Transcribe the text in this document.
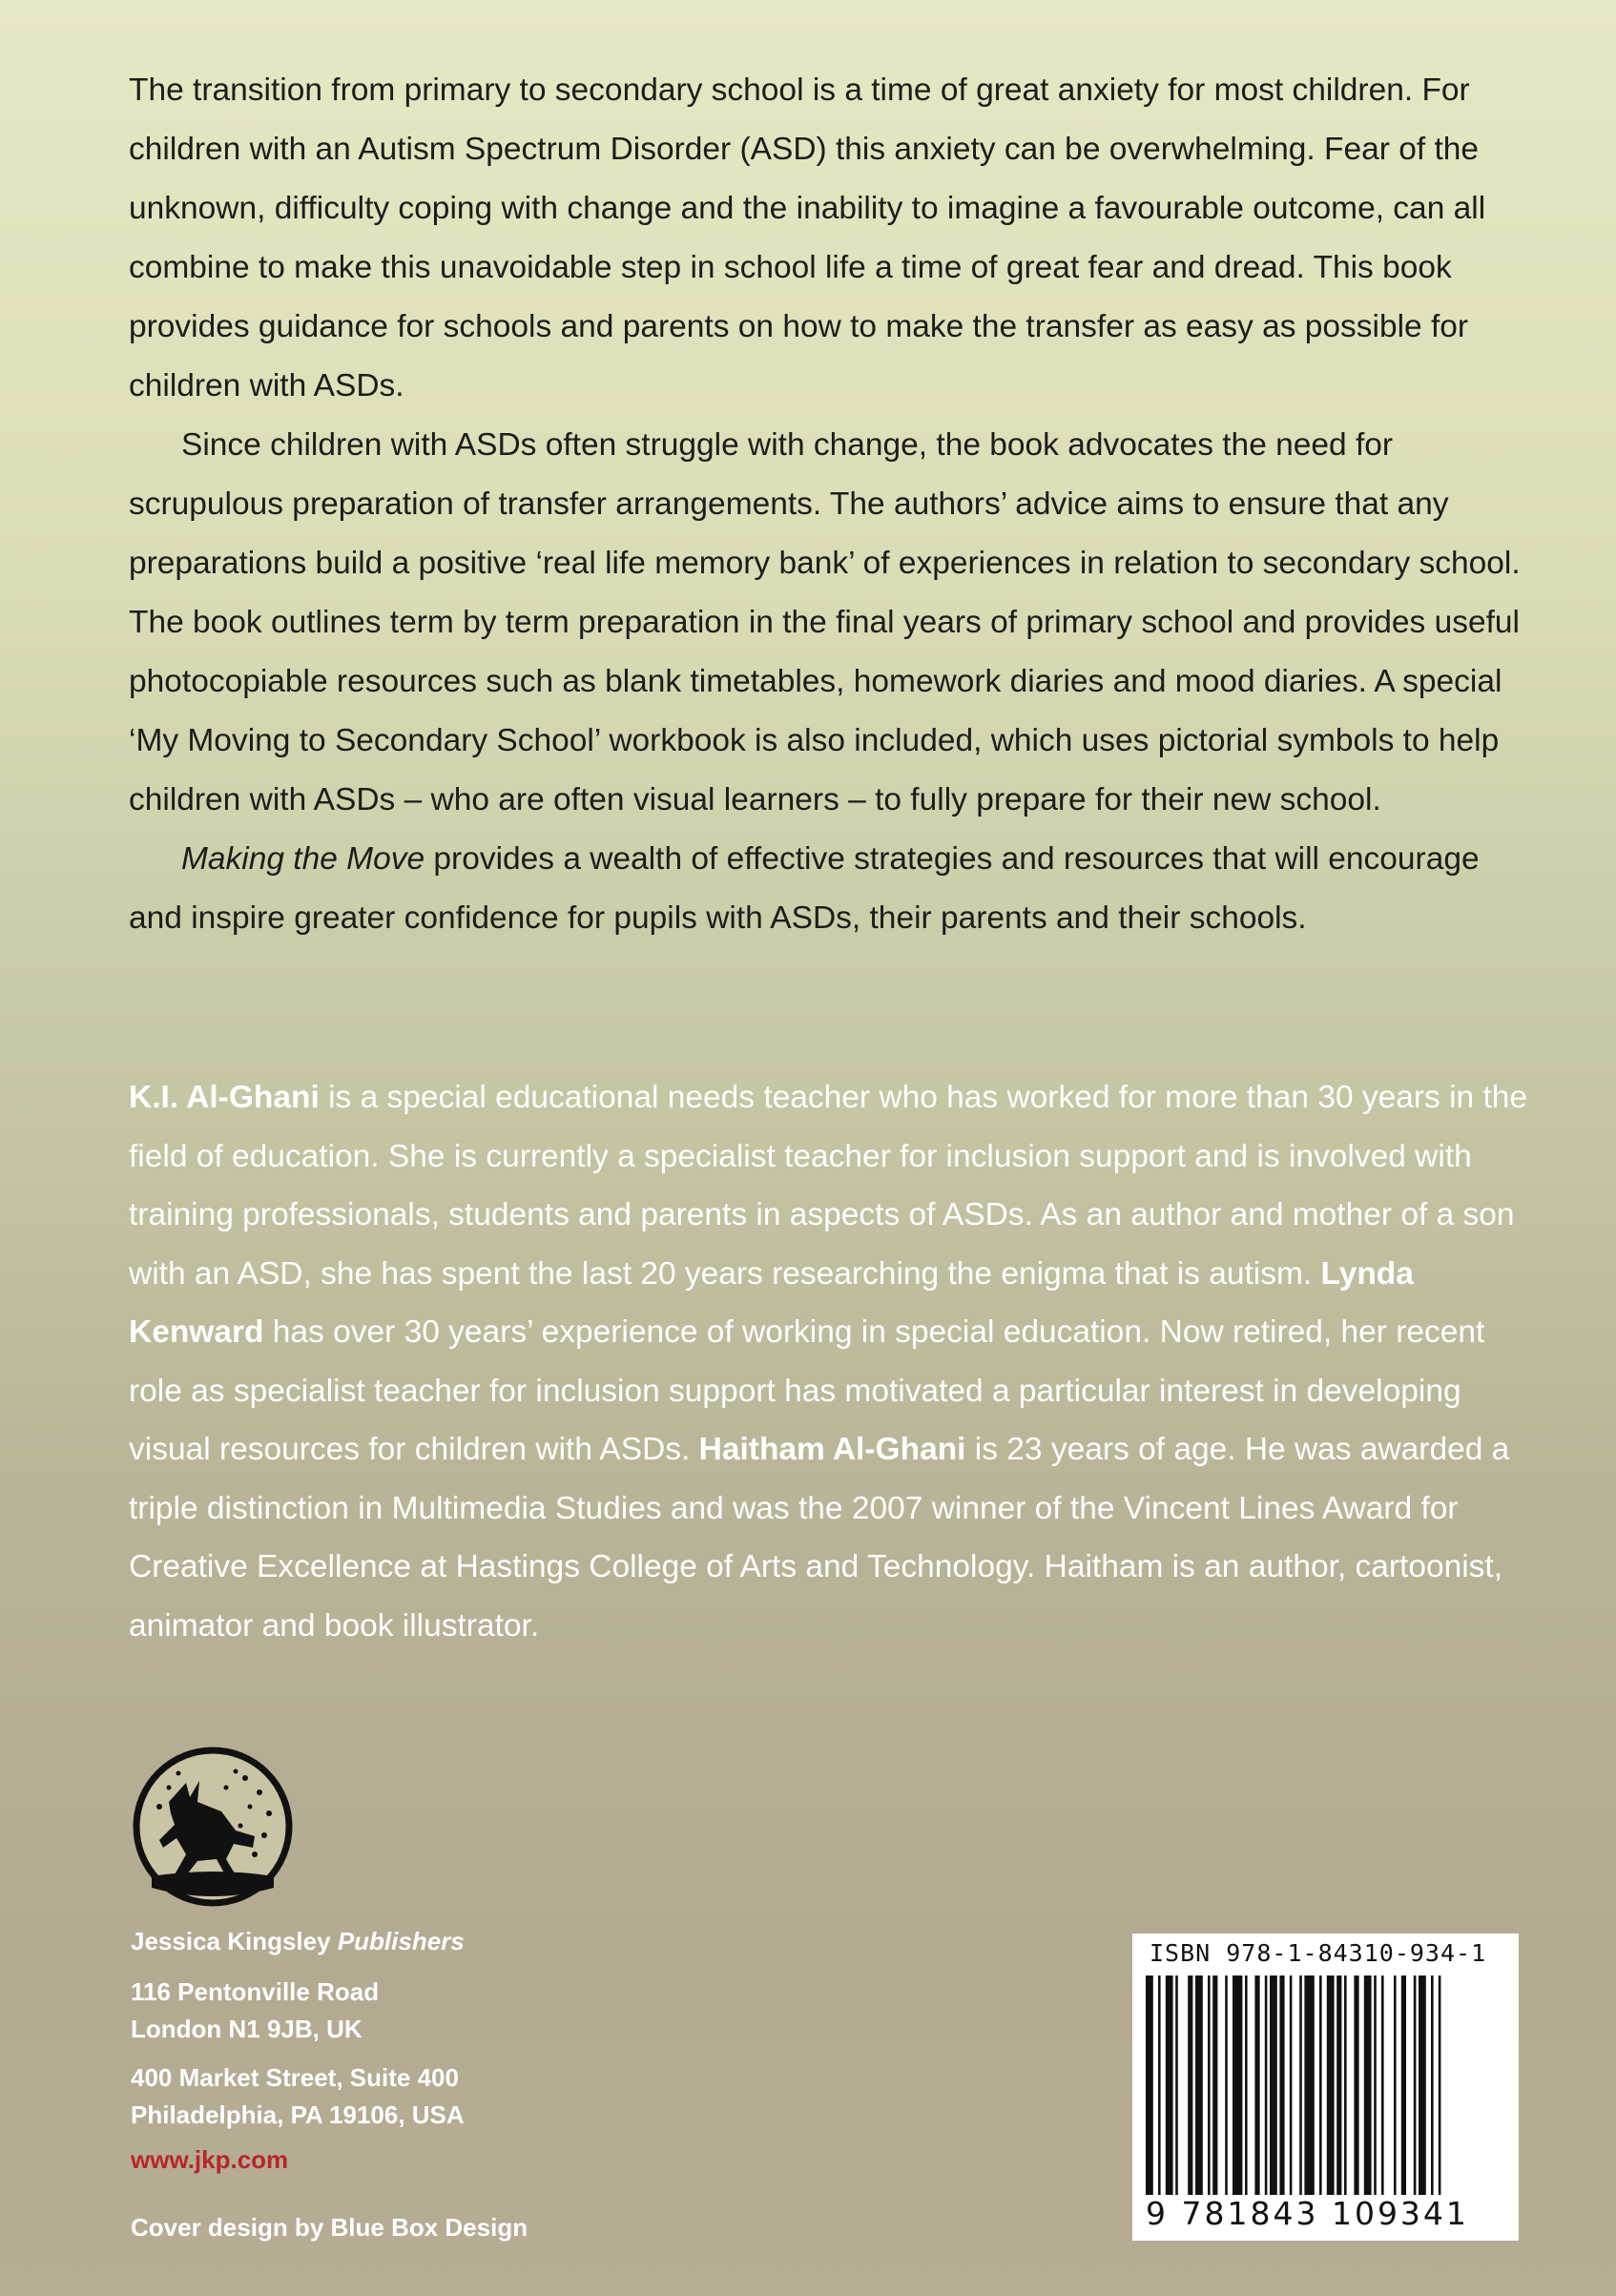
The transition from primary to secondary school is a time of great anxiety for most children. For children with an Autism Spectrum Disorder (ASD) this anxiety can be overwhelming. Fear of the unknown, difficulty coping with change and the inability to imagine a favourable outcome, can all combine to make this unavoidable step in school life a time of great fear and dread. This book provides guidance for schools and parents on how to make the transfer as easy as possible for children with ASDs.

Since children with ASDs often struggle with change, the book advocates the need for scrupulous preparation of transfer arrangements. The authors’ advice aims to ensure that any preparations build a positive ‘real life memory bank’ of experiences in relation to secondary school. The book outlines term by term preparation in the final years of primary school and provides useful photocopiable resources such as blank timetables, homework diaries and mood diaries. A special ‘My Moving to Secondary School’ workbook is also included, which uses pictorial symbols to help children with ASDs – who are often visual learners – to fully prepare for their new school.

Making the Move provides a wealth of effective strategies and resources that will encourage and inspire greater confidence for pupils with ASDs, their parents and their schools.

K.I. Al-Ghani is a special educational needs teacher who has worked for more than 30 years in the field of education. She is currently a specialist teacher for inclusion support and is involved with training professionals, students and parents in aspects of ASDs. As an author and mother of a son with an ASD, she has spent the last 20 years researching the enigma that is autism. Lynda Kenward has over 30 years’ experience of working in special education. Now retired, her recent role as specialist teacher for inclusion support has motivated a particular interest in developing visual resources for children with ASDs. Haitham Al-Ghani is 23 years of age. He was awarded a triple distinction in Multimedia Studies and was the 2007 winner of the Vincent Lines Award for Creative Excellence at Hastings College of Arts and Technology. Haitham is an author, cartoonist, animator and book illustrator.

Jessica Kingsley Publishers

116 Pentonville Road
London N1 9JB, UK

400 Market Street, Suite 400
Philadelphia, PA 19106, USA

www.jkp.com

Cover design by Blue Box Design

ISBN 978-1-84310-934-1
9 781843 109341
